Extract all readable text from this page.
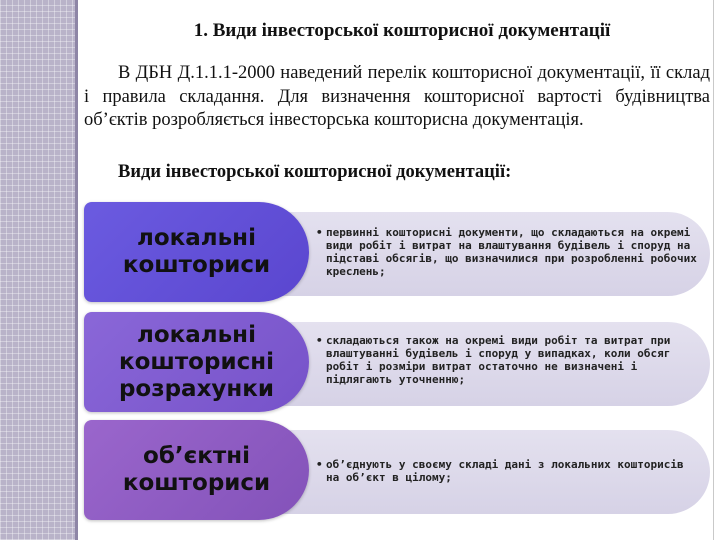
1. Види інвесторської кошторисної документації

В ДБН Д.1.1.1-2000 наведений перелік кошторисної документації, її склад і правила складання. Для визначення кошторисної вартості будівництва об’єктів розробляється інвесторська кошторисна документація.

Види інвесторської кошторисної документації:
локальні
кошториси
• первинні кошторисні документи, що складаються на окремі види робіт і витрат на влаштування будівель і споруд на підставі обсягів, що визначилися при розробленні робочих креслень;
локальні
кошторисні
розрахунки
• складаються також на окремі види робіт та витрат при влаштуванні будівель і споруд у випадках, коли обсяг робіт і розміри витрат остаточно не визначені і підлягають уточненню;
об’єктні
кошториси
• об’єднують у своєму складі дані з локальних кошторисів на об’єкт в цілому;
